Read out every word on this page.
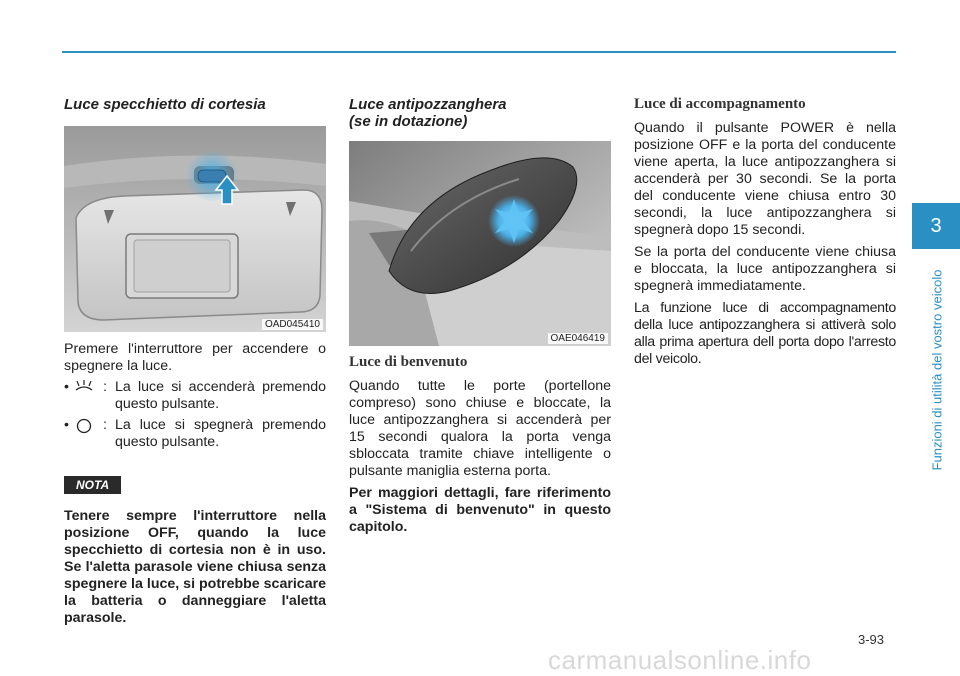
Luce specchietto di cortesia
OAD045410

Premere l'interruttore per accendere o spegnere la luce.

• : La luce si accenderà premendo questo pulsante.
• : La luce si spegnerà premendo questo pulsante.
NOTA

Tenere sempre l'interruttore nella posizione OFF, quando la luce specchietto di cortesia non è in uso. Se l'aletta parasole viene chiusa senza spegnere la luce, si potrebbe scaricare la batteria o danneggiare l'aletta parasole.

Luce antipozzanghera
(se in dotazione)
OAE046419
Luce di benvenuto

Quando tutte le porte (portellone compreso) sono chiuse e bloccate, la luce antipozzanghera si accenderà per 15 secondi qualora la porta venga sbloccata tramite chiave intelligente o pulsante maniglia esterna porta.

Per maggiori dettagli, fare riferimento a "Sistema di benvenuto" in questo capitolo.

Luce di accompagnamento

Quando il pulsante POWER è nella posizione OFF e la porta del conducente viene aperta, la luce antipozzanghera si accenderà per 30 secondi. Se la porta del conducente viene chiusa entro 30 secondi, la luce antipozzanghera si spegnerà dopo 15 secondi.

Se la porta del conducente viene chiusa e bloccata, la luce antipozzanghera si spegnerà immediatamente.

La funzione luce di accompagnamento della luce antipozzanghera si attiverà solo alla prima apertura dell porta dopo l'arresto del veicolo.

3
Funzioni di utilità del vostro veicolo
3-93
carmanualsonline.info
